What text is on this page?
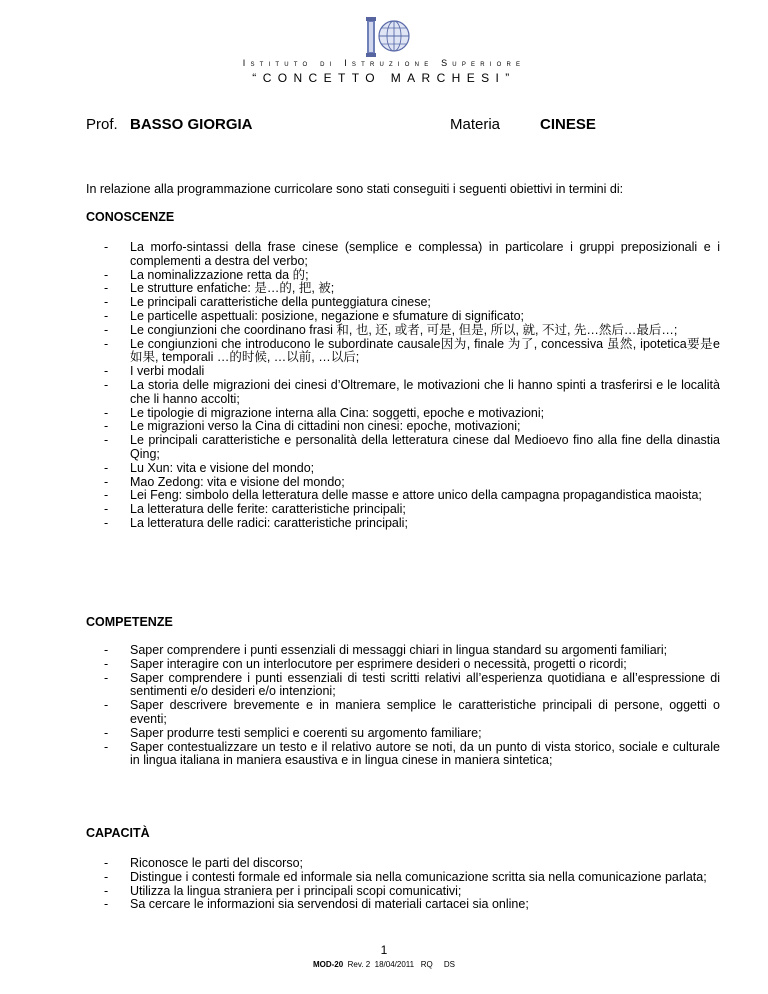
Istituto di Istruzione Superiore
“CONCETTO MARCHESI”
Prof. BASSO GIORGIA	Materia	CINESE
In relazione alla programmazione curricolare sono stati conseguiti i seguenti obiettivi in termini di:
CONOSCENZE
- La morfo-sintassi della frase cinese (semplice e complessa) in particolare i gruppi preposizionali e i complementi a destra del verbo;
- La nominalizzazione retta da 的;
- Le strutture enfatiche: 是…的, 把, 被;
- Le principali caratteristiche della punteggiatura cinese;
- Le particelle aspettuali: posizione, negazione e sfumature di significato;
- Le congiunzioni che coordinano frasi 和, 也, 还, 或者, 可是, 但是, 所以, 就, 不过, 先…然后…最后…;
- Le congiunzioni che introducono le subordinate causale因为, finale 为了, concessiva 虽然, ipotetica要是e 如果, temporali …的时候, …以前, …以后;
- I verbi modali
- La storia delle migrazioni dei cinesi d’Oltremare, le motivazioni che li hanno spinti a trasferirsi e le località che li hanno accolti;
- Le tipologie di migrazione interna alla Cina: soggetti, epoche e motivazioni;
- Le migrazioni verso la Cina di cittadini non cinesi: epoche, motivazioni;
- Le principali caratteristiche e personalità della letteratura cinese dal Medioevo fino alla fine della dinastia Qing;
- Lu Xun: vita e visione del mondo;
- Mao Zedong: vita e visione del mondo;
- Lei Feng: simbolo della letteratura delle masse e attore unico della campagna propagandistica maoista;
- La letteratura delle ferite: caratteristiche principali;
- La letteratura delle radici: caratteristiche principali;
COMPETENZE
- Saper comprendere i punti essenziali di messaggi chiari in lingua standard su argomenti familiari;
- Saper interagire con un interlocutore per esprimere desideri o necessità, progetti o ricordi;
- Saper comprendere i punti essenziali di testi scritti relativi all’esperienza quotidiana e all’espressione di sentimenti e/o desideri e/o intenzioni;
- Saper descrivere brevemente e in maniera semplice le caratteristiche principali di persone, oggetti o eventi;
- Saper produrre testi semplici e coerenti su argomento familiare;
- Saper contestualizzare un testo e il relativo autore se noti, da un punto di vista storico, sociale e culturale in lingua italiana in maniera esaustiva e in lingua cinese in maniera sintetica;
CAPACITÀ
- Riconosce le parti del discorso;
- Distingue i contesti formale ed informale sia nella comunicazione scritta sia nella comunicazione parlata;
- Utilizza la lingua straniera per i principali scopi comunicativi;
- Sa cercare le informazioni sia servendosi di materiali cartacei sia online;
1
MOD-20 Rev. 2 18/04/2011 RQ DS
